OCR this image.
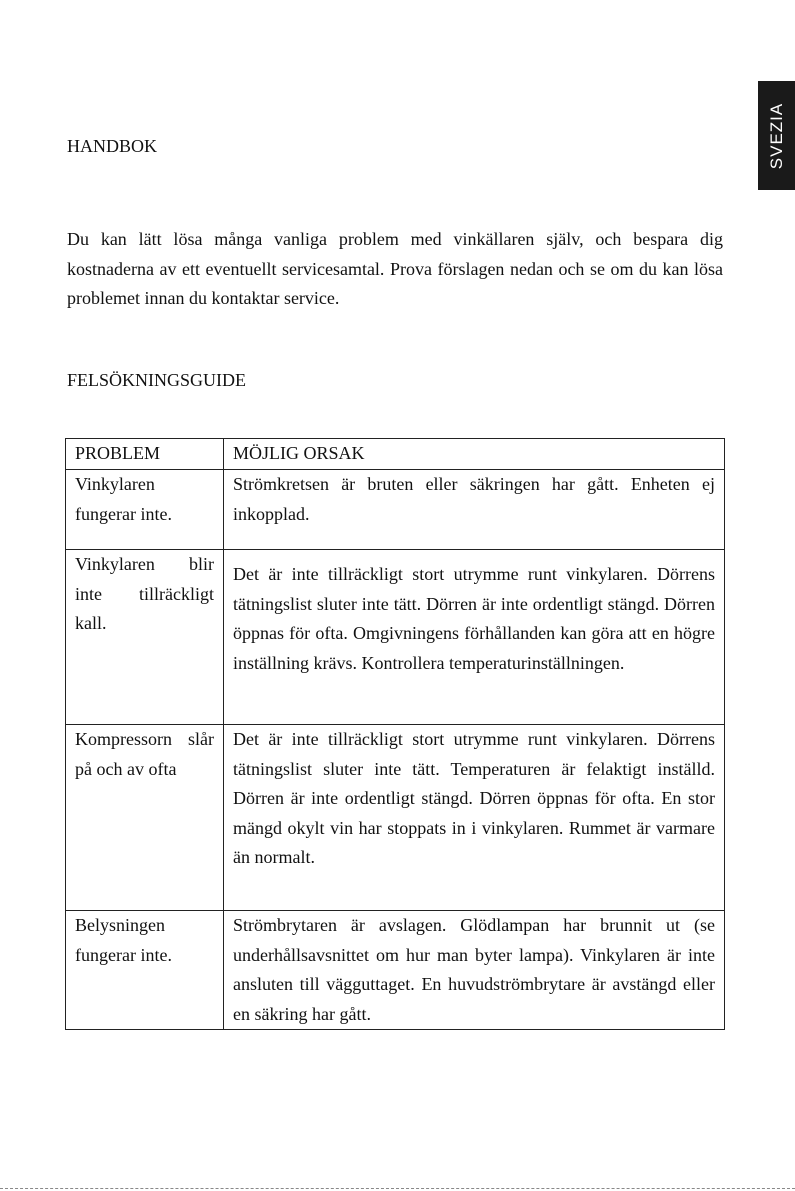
SVEZIA
HANDBOK

Du kan lätt lösa många vanliga problem med vinkällaren själv, och bespara dig kostnaderna av ett eventuellt servicesamtal. Prova förslagen nedan och se om du kan lösa problemet innan du kontaktar service.

FELSÖKNINGSGUIDE
PROBLEM	MÖJLIG ORSAK
Vinkylaren fungerar inte.	Strömkretsen är bruten eller säkringen har gått. Enheten ej inkopplad.
Vinkylaren blir inte tillräckligt kall.	Det är inte tillräckligt stort utrymme runt vinkylaren. Dörrens tätningslist sluter inte tätt. Dörren är inte ordentligt stängd. Dörren öppnas för ofta. Omgivningens förhållanden kan göra att en högre inställning krävs. Kontrollera temperaturinställningen.
Kompressorn slår på och av ofta	Det är inte tillräckligt stort utrymme runt vinkylaren. Dörrens tätningslist sluter inte tätt. Temperaturen är felaktigt inställd. Dörren är inte ordentligt stängd. Dörren öppnas för ofta. En stor mängd okylt vin har stoppats in i vinkylaren. Rummet är varmare än normalt.
Belysningen fungerar inte.	Strömbrytaren är avslagen. Glödlampan har brunnit ut (se underhållsavsnittet om hur man byter lampa). Vinkylaren är inte ansluten till vägguttaget. En huvudströmbrytare är avstängd eller en säkring har gått.
